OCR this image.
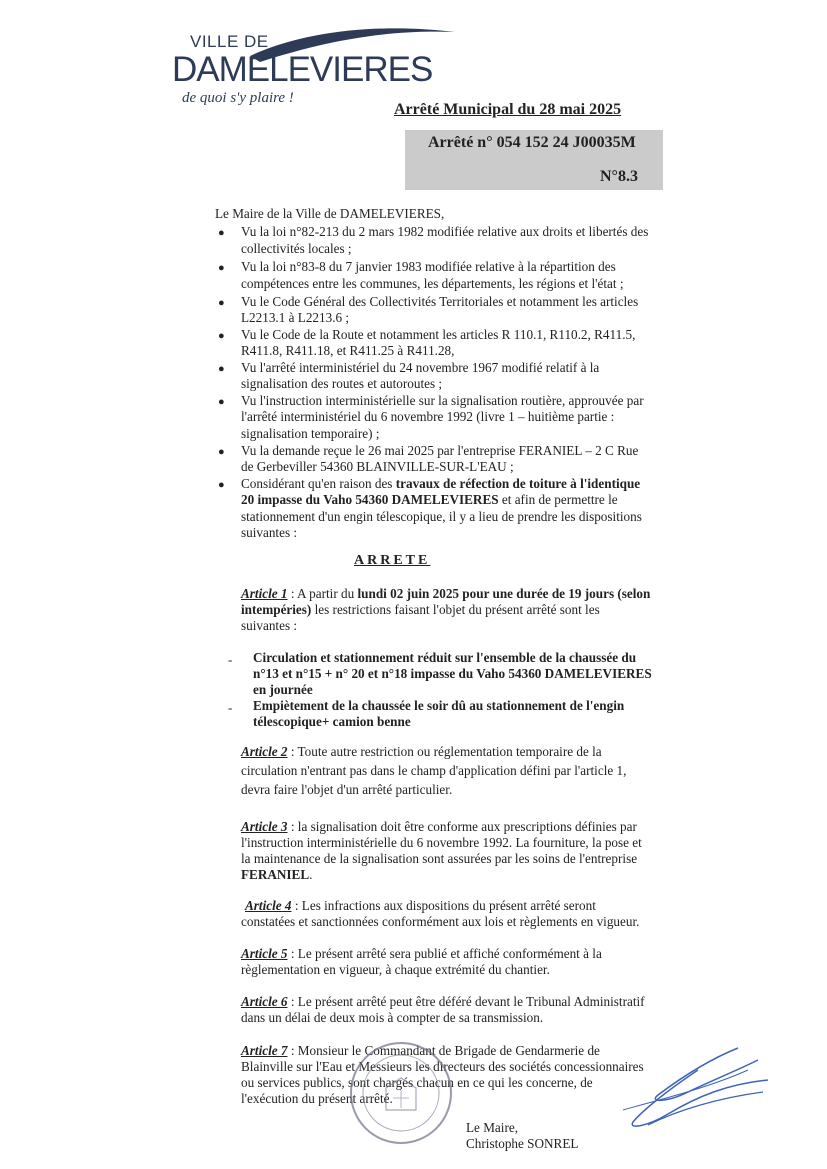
VILLE DE
DAMELEVIERES
de quoi s'y plaire !
Arrêté Municipal du 28 mai 2025
Arrêté n° 054 152 24 J00035M
N°8.3
Le Maire de la Ville de DAMELEVIERES,
● Vu la loi n°82-213 du 2 mars 1982 modifiée relative aux droits et libertés des
collectivités locales ;
● Vu la loi n°83-8 du 7 janvier 1983 modifiée relative à la répartition des
compétences entre les communes, les départements, les régions et l'état ;
● Vu le Code Général des Collectivités Territoriales et notamment les articles
L2213.1 à L2213.6 ;
● Vu le Code de la Route et notamment les articles R 110.1, R110.2, R411.5,
R411.8, R411.18, et R411.25 à R411.28,
● Vu l'arrêté interministériel du 24 novembre 1967 modifié relatif à la
signalisation des routes et autoroutes ;
● Vu l'instruction interministérielle sur la signalisation routière, approuvée par
l'arrêté interministériel du 6 novembre 1992 (livre 1 – huitième partie :
signalisation temporaire) ;
● Vu la demande reçue le 26 mai 2025 par l'entreprise FERANIEL – 2 C Rue
de Gerbeviller 54360 BLAINVILLE-SUR-L'EAU ;
● Considérant qu'en raison des travaux de réfection de toiture à l'identique
20 impasse du Vaho 54360 DAMELEVIERES et afin de permettre le
stationnement d'un engin télescopique, il y a lieu de prendre les dispositions
suivantes :
ARRETE
Article 1 : A partir du lundi 02 juin 2025 pour une durée de 19 jours (selon
intempéries) les restrictions faisant l'objet du présent arrêté sont les
suivantes :
- Circulation et stationnement réduit sur l'ensemble de la chaussée du
n°13 et n°15 + n° 20 et n°18 impasse du Vaho 54360 DAMELEVIERES
en journée
- Empiètement de la chaussée le soir dû au stationnement de l'engin
télescopique+ camion benne
Article 2 : Toute autre restriction ou réglementation temporaire de la
circulation n'entrant pas dans le champ d'application défini par l'article 1,
devra faire l'objet d'un arrêté particulier.
Article 3 : la signalisation doit être conforme aux prescriptions définies par
l'instruction interministérielle du 6 novembre 1992. La fourniture, la pose et
la maintenance de la signalisation sont assurées par les soins de l'entreprise
FERANIEL.
Article 4 : Les infractions aux dispositions du présent arrêté seront
constatées et sanctionnées conformément aux lois et règlements en vigueur.
Article 5 : Le présent arrêté sera publié et affiché conformément à la
règlementation en vigueur, à chaque extrémité du chantier.
Article 6 : Le présent arrêté peut être déféré devant le Tribunal Administratif
dans un délai de deux mois à compter de sa transmission.
Article 7 : Monsieur le Commandant de Brigade de Gendarmerie de
Blainville sur l'Eau et Messieurs les directeurs des sociétés concessionnaires
ou services publics, sont chargés chacun en ce qui les concerne, de
l'exécution du présent arrêté.
Le Maire,
Christophe SONREL
